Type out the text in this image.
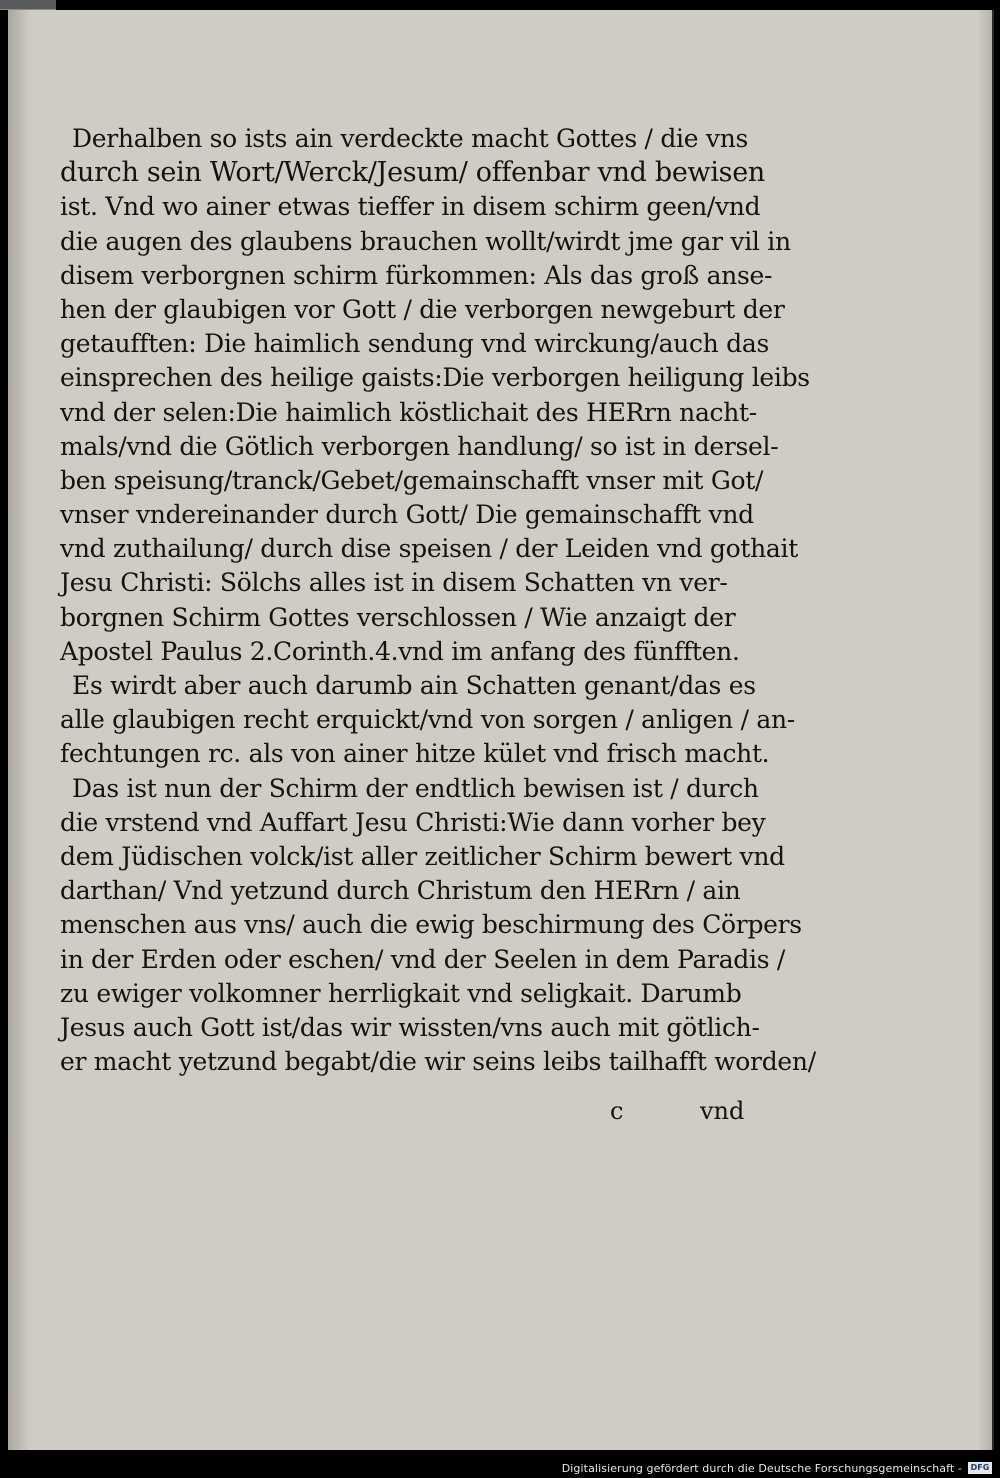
Derhalben so ists ain verdeckte macht Gottes / die vns
durch sein Wort/Werck/Jesum/ offenbar vnd bewisen
ist. Vnd wo ainer etwas tieffer in disem schirm geen/vnd
die augen des glaubens brauchen wollt/wirdt jme gar vil in
disem verborgnen schirm fürkommen: Als das groß anse-
hen der glaubigen vor Gott / die verborgen newgeburt der
getaufften: Die haimlich sendung vnd wirckung/auch das
einsprechen des heilige gaists:Die verborgen heiligung leibs
vnd der selen:Die haimlich köstlichait des HERrn nacht-
mals/vnd die Götlich verborgen handlung/ so ist in dersel-
ben speisung/tranck/Gebet/gemainschafft vnser mit Got/
vnser vndereinander durch Gott/ Die gemainschafft vnd
vnd zuthailung/ durch dise speisen / der Leiden vnd gothait
Jesu Christi: Sölchs alles ist in disem Schatten vn ver-
borgnen Schirm Gottes verschlossen / Wie anzaigt der
Apostel Paulus 2.Corinth.4.vnd im anfang des fünfften.
Es wirdt aber auch darumb ain Schatten genant/das es
alle glaubigen recht erquickt/vnd von sorgen / anligen / an-
fechtungen rc. als von ainer hitze kület vnd frisch macht.
Das ist nun der Schirm der endtlich bewisen ist / durch
die vrstend vnd Auffart Jesu Christi:Wie dann vorher bey
dem Jüdischen volck/ist aller zeitlicher Schirm bewert vnd
darthan/ Vnd yetzund durch Christum den HERrn / ain
menschen aus vns/ auch die ewig beschirmung des Cörpers
in der Erden oder eschen/ vnd der Seelen in dem Paradis /
zu ewiger volkomner herrligkait vnd seligkait. Darumb
Jesus auch Gott ist/das wir wissten/vns auch mit götlich-
er macht yetzund begabt/die wir seins leibs tailhafft worden/
c	vnd
Digitalisierung gefördert durch die Deutsche Forschungsgemeinschaft -	DFG
